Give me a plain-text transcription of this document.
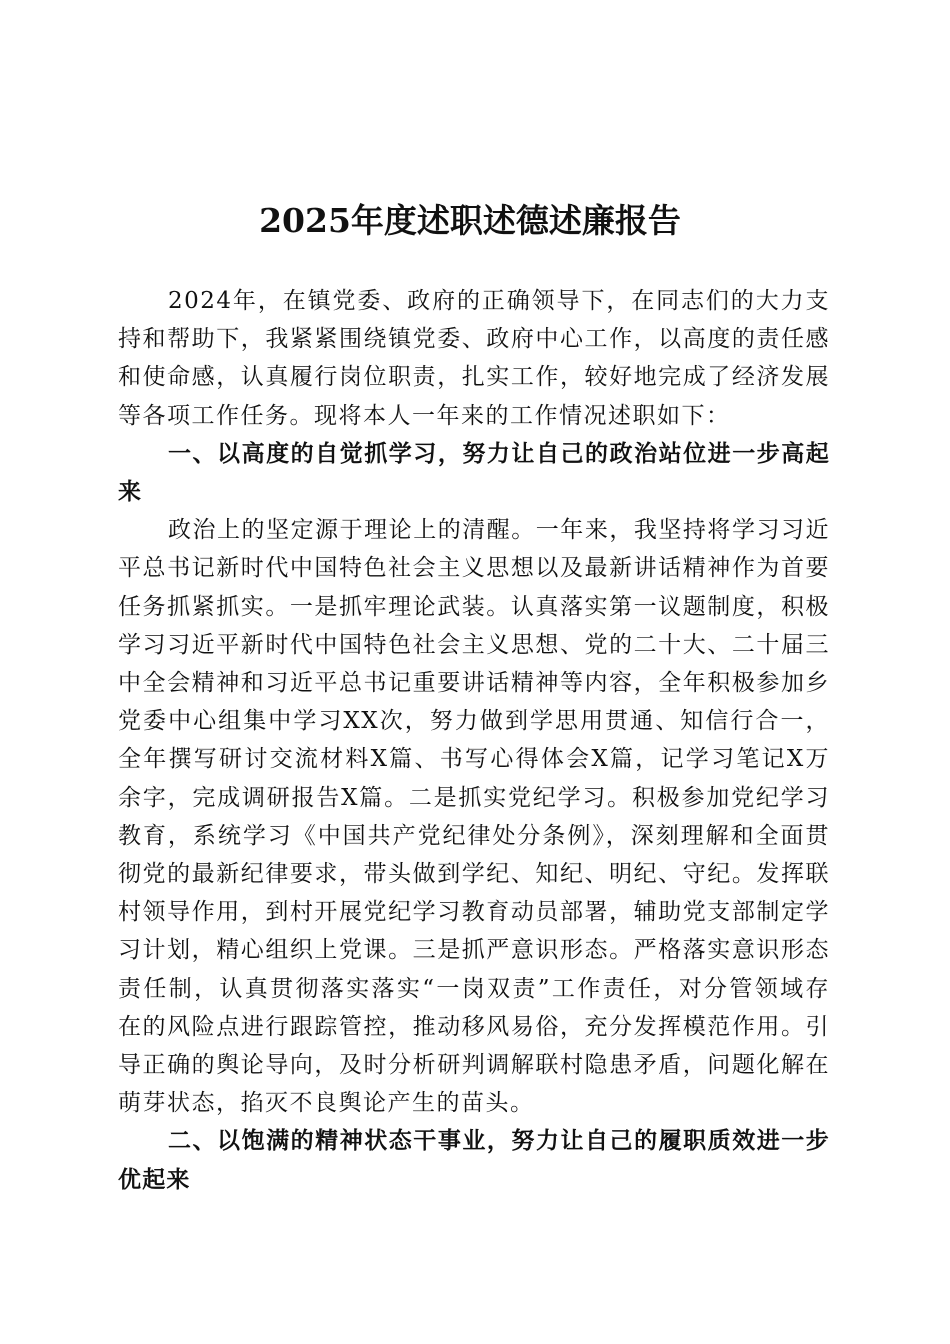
2025年度述职述德述廉报告

2024年，在镇党委、政府的正确领导下，在同志们的大力支持和帮助下，我紧紧围绕镇党委、政府中心工作，以高度的责任感和使命感，认真履行岗位职责，扎实工作，较好地完成了经济发展等各项工作任务。现将本人一年来的工作情况述职如下：

一、以高度的自觉抓学习，努力让自己的政治站位进一步高起来

政治上的坚定源于理论上的清醒。一年来，我坚持将学习习近平总书记新时代中国特色社会主义思想以及最新讲话精神作为首要任务抓紧抓实。一是抓牢理论武装。认真落实第一议题制度，积极学习习近平新时代中国特色社会主义思想、党的二十大、二十届三中全会精神和习近平总书记重要讲话精神等内容，全年积极参加乡党委中心组集中学习XX次，努力做到学思用贯通、知信行合一，全年撰写研讨交流材料X篇、书写心得体会X篇，记学习笔记X万余字，完成调研报告X篇。二是抓实党纪学习。积极参加党纪学习教育，系统学习《中国共产党纪律处分条例》，深刻理解和全面贯彻党的最新纪律要求，带头做到学纪、知纪、明纪、守纪。发挥联村领导作用，到村开展党纪学习教育动员部署，辅助党支部制定学习计划，精心组织上党课。三是抓严意识形态。严格落实意识形态责任制，认真贯彻落实落实“一岗双责”工作责任，对分管领域存在的风险点进行跟踪管控，推动移风易俗，充分发挥模范作用。引导正确的舆论导向，及时分析研判调解联村隐患矛盾，问题化解在萌芽状态，掐灭不良舆论产生的苗头。

二、以饱满的精神状态干事业，努力让自己的履职质效进一步优起来
